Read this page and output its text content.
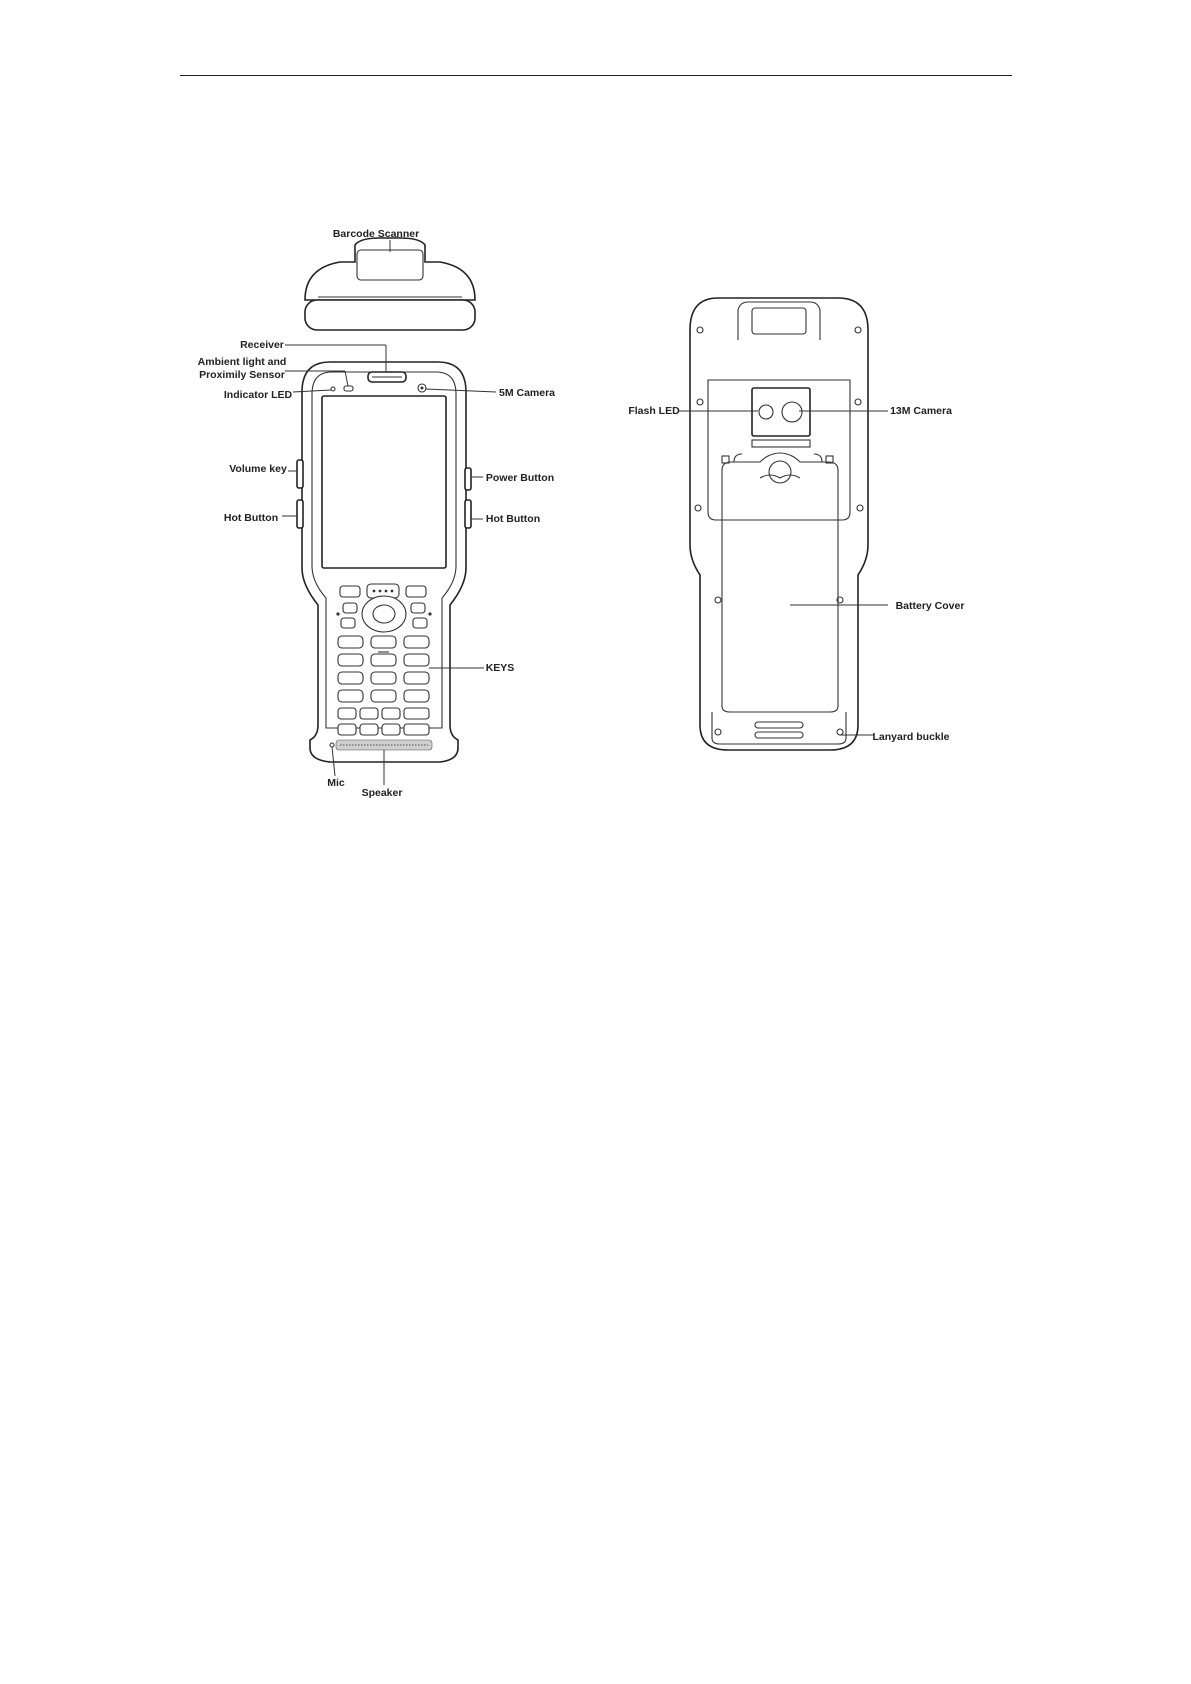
Barcode Scanner
Receiver
Ambient light and
Proximily Sensor
Indicator LED	5M Camera
Volume key
Hot Button
Power Button
Hot Button
KEYS
Mic
Speaker
Flash LED	13M Camera
Battery Cover
Lanyard buckle
